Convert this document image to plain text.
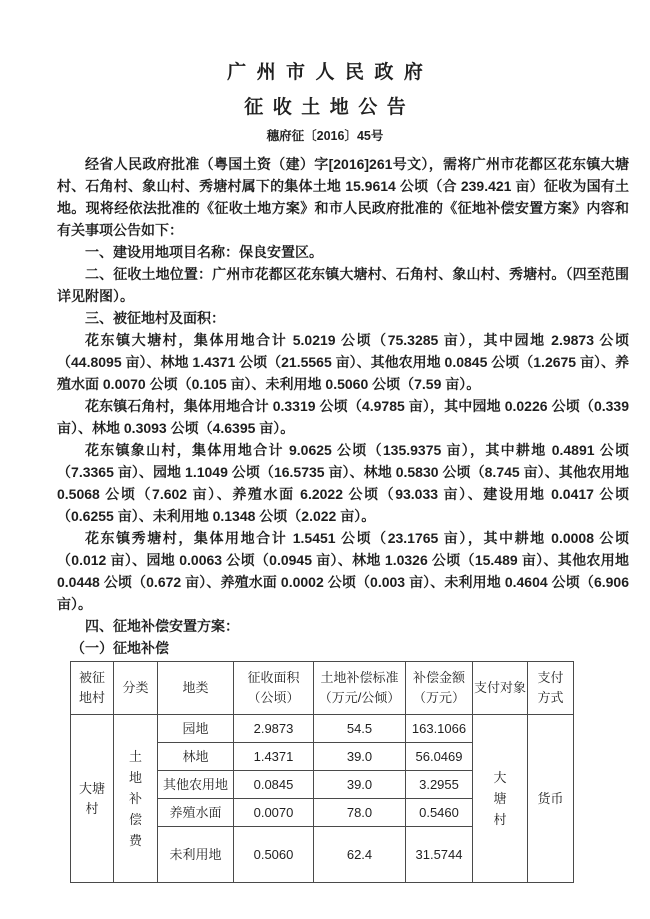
广州市人民政府
征收土地公告
穗府征〔2016〕45号

经省人民政府批准（粤国土资（建）字[2016]261号文），需将广州市花都区花东镇大塘村、石角村、象山村、秀塘村属下的集体土地 15.9614 公顷（合 239.421 亩）征收为国有土地。现将经依法批准的《征收土地方案》和市人民政府批准的《征地补偿安置方案》内容和有关事项公告如下：

一、建设用地项目名称：保良安置区。

二、征收土地位置：广州市花都区花东镇大塘村、石角村、象山村、秀塘村。（四至范围详见附图）。

三、被征地村及面积：

花东镇大塘村，集体用地合计 5.0219 公顷（75.3285 亩），其中园地 2.9873 公顷（44.8095 亩）、林地 1.4371 公顷（21.5565 亩）、其他农用地 0.0845 公顷（1.2675 亩）、养殖水面 0.0070 公顷（0.105 亩）、未利用地 0.5060 公顷（7.59 亩）。

花东镇石角村，集体用地合计 0.3319 公顷（4.9785 亩），其中园地 0.0226 公顷（0.339 亩）、林地 0.3093 公顷（4.6395 亩）。

花东镇象山村，集体用地合计 9.0625 公顷（135.9375 亩），其中耕地 0.4891 公顷（7.3365 亩）、园地 1.1049 公顷（16.5735 亩）、林地 0.5830 公顷（8.745 亩）、其他农用地 0.5068 公顷（7.602 亩）、养殖水面 6.2022 公顷（93.033 亩）、建设用地 0.0417 公顷（0.6255 亩）、未利用地 0.1348 公顷（2.022 亩）。

花东镇秀塘村，集体用地合计 1.5451 公顷（23.1765 亩），其中耕地 0.0008 公顷（0.012 亩）、园地 0.0063 公顷（0.0945 亩）、林地 1.0326 公顷（15.489 亩）、其他农用地 0.0448 公顷（0.672 亩）、养殖水面 0.0002 公顷（0.003 亩）、未利用地 0.4604 公顷（6.906 亩）。

四、征地补偿安置方案：

（一）征地补偿

被征地村	分类	地类	征收面积（公顷）	土地补偿标准（万元/公倾）	补偿金额（万元）	支付对象	支付方式

大塘村	土地补偿费	园地	2.9873	54.5	163.1066	大塘村	货币
		林地	1.4371	39.0	56.0469		
		其他农用地	0.0845	39.0	3.2955		
		养殖水面	0.0070	78.0	0.5460		
		未利用地	0.5060	62.4	31.5744		
